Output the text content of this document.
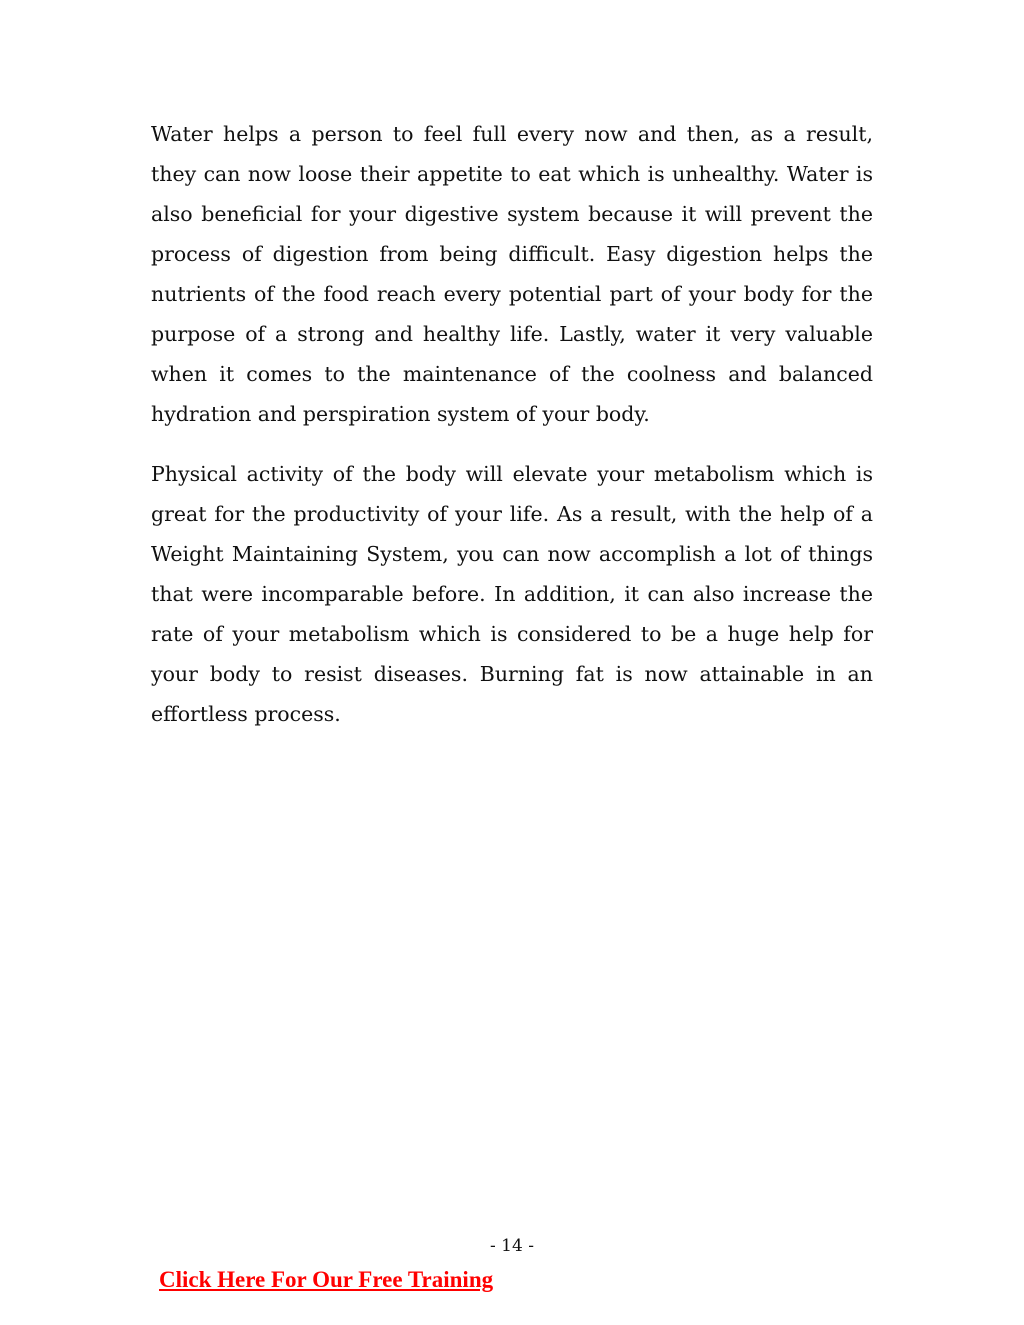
Water helps a person to feel full every now and then, as a result, they can now loose their appetite to eat which is unhealthy. Water is also beneficial for your digestive system because it will prevent the process of digestion from being difficult. Easy digestion helps the nutrients of the food reach every potential part of your body for the purpose of a strong and healthy life. Lastly, water it very valuable when it comes to the maintenance of the coolness and balanced hydration and perspiration system of your body.

Physical activity of the body will elevate your metabolism which is great for the productivity of your life. As a result, with the help of a Weight Maintaining System, you can now accomplish a lot of things that were incomparable before. In addition, it can also increase the rate of your metabolism which is considered to be a huge help for your body to resist diseases. Burning fat is now attainable in an effortless process.

- 14 -
Click Here For Our Free Training
